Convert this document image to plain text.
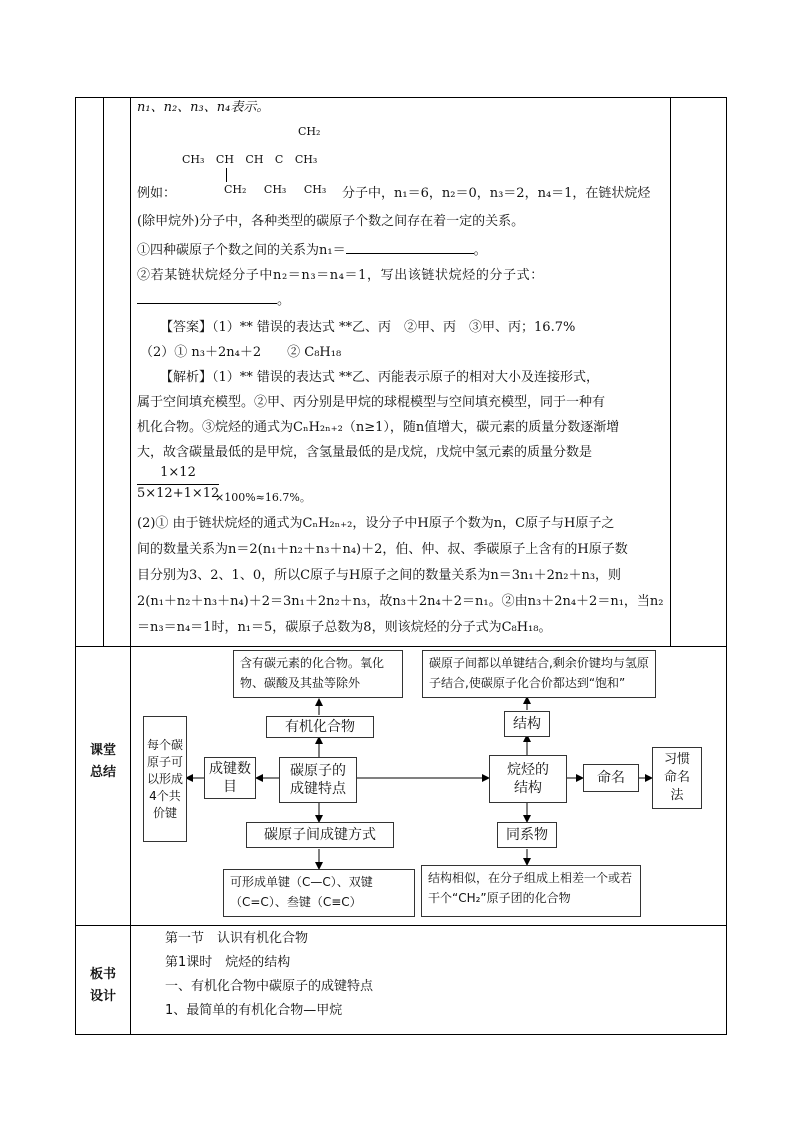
n₁、n₂、n₃、n₄表示。
CH₂
CH₃ CH CH C CH₃
CH₂ CH₃ CH₃
例如：	分子中，n₁＝6，n₂＝0，n₃＝2，n₄＝1，在链状烷烃
(除甲烷外)分子中，各种类型的碳原子个数之间存在着一定的关系。
①四种碳原子个数之间的关系为n₁＝	。
②若某链状烷烃分子中n₂＝n₃＝n₄＝1，写出该链状烷烃的分子式：
。
【答案】（1）** 错误的表达式 **乙、丙　②甲、丙　③甲、丙；16.7%
（2）① n₃＋2n₄＋2　　② C₈H₁₈
【解析】（1）** 错误的表达式 **乙、丙能表示原子的相对大小及连接形式，
属于空间填充模型。②甲、丙分别是甲烷的球棍模型与空间填充模型，同于一种有
机化合物。③烷烃的通式为CₙH₂ₙ₊₂（n≥1），随n值增大，碳元素的质量分数逐渐增
大，故含碳量最低的是甲烷，含氢量最低的是戊烷，戊烷中氢元素的质量分数是
1×12
5×12+1×12
×100%≈16.7%。
(2)① 由于链状烷烃的通式为CₙH₂ₙ₊₂，设分子中H原子个数为n，C原子与H原子之
间的数量关系为n＝2(n₁＋n₂＋n₃＋n₄)＋2，伯、仲、叔、季碳原子上含有的H原子数
目分别为3、2、1、0，所以C原子与H原子之间的数量关系为n＝3n₁＋2n₂＋n₃，则
2(n₁＋n₂＋n₃＋n₄)＋2＝3n₁＋2n₂＋n₃，故n₃＋2n₄＋2＝n₁。②由n₃＋2n₄＋2＝n₁，当n₂
＝n₃＝n₄＝1时，n₁＝5，碳原子总数为8，则该烷烃的分子式为C₈H₁₈。
课堂总结
含有碳元素的化合物。氧化物、碳酸及其盐等除外
碳原子间都以单键结合,剩余价键均与氢原子结合,使碳原子化合价都达到“饱和”
有机化合物	结构
每个碳原子可以形成4个共价键
成键数目
碳原子的成键特点
烷烃的结构
命名
习惯命名法
碳原子间成键方式	同系物
可形成单键（C—C）、双键（C=C）、叁键（C≡C）
结构相似，在分子组成上相差一个或若干个“CH₂”原子团的化合物
板书设计
第一节　认识有机化合物
第1课时　烷烃的结构
一、有机化合物中碳原子的成键特点
1、最简单的有机化合物—甲烷
